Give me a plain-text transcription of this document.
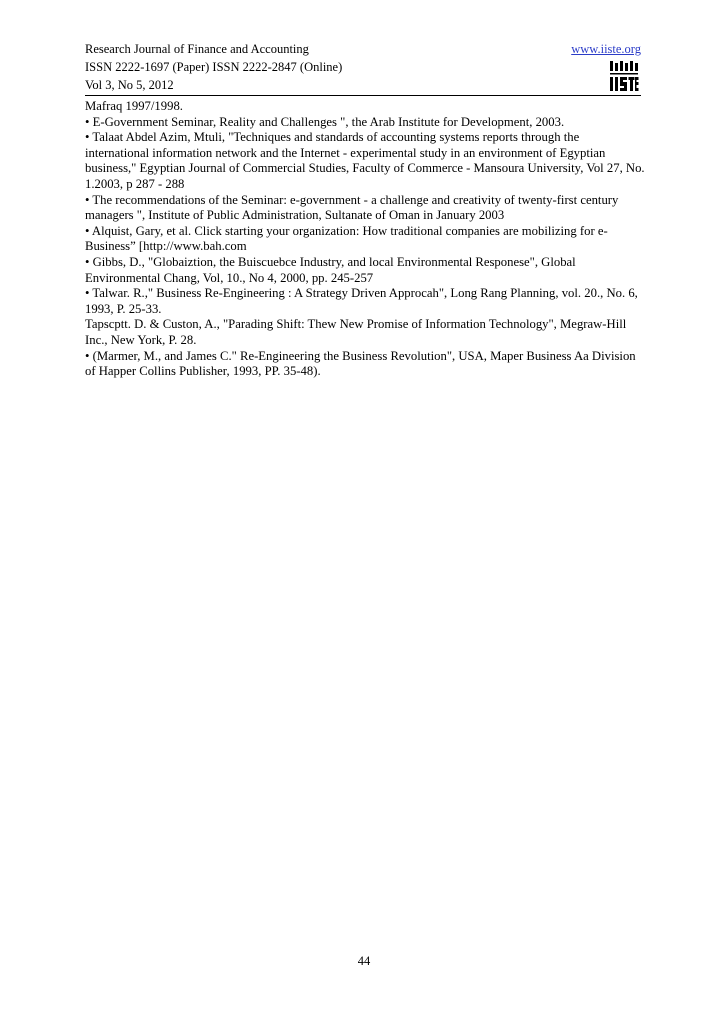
Research Journal of Finance and Accounting
ISSN 2222-1697 (Paper) ISSN 2222-2847 (Online)
Vol 3, No 5, 2012
www.iiste.org

Mafraq 1997/1998.

• E-Government Seminar, Reality and Challenges ", the Arab Institute for Development, 2003.

• Talaat Abdel Azim, Mtuli, "Techniques and standards of accounting systems reports through the international information network and the Internet - experimental study in an environment of Egyptian business," Egyptian Journal of Commercial Studies, Faculty of Commerce - Mansoura University, Vol 27, No. 1.2003, p 287 - 288

• The recommendations of the Seminar: e-government - a challenge and creativity of twenty-first century managers ", Institute of Public Administration, Sultanate of Oman in January 2003

• Alquist, Gary, et al. Click starting your organization: How traditional companies are mobilizing for e-Business” [http://www.bah.com

• Gibbs, D., "Globaiztion, the Buiscuebce Industry, and local Environmental Responese", Global Environmental Chang, Vol, 10., No 4, 2000, pp. 245-257

• Talwar. R.," Business Re-Engineering : A Strategy Driven Approcah", Long Rang Planning, vol. 20., No. 6, 1993, P. 25-33.

Tapscptt. D. & Custon, A., "Parading Shift: Thew New Promise of Information Technology", Megraw-Hill Inc., New York, P. 28.

• (Marmer, M., and James C." Re-Engineering the Business Revolution", USA, Maper Business Aa Division of Happer Collins Publisher, 1993, PP. 35-48).

44
